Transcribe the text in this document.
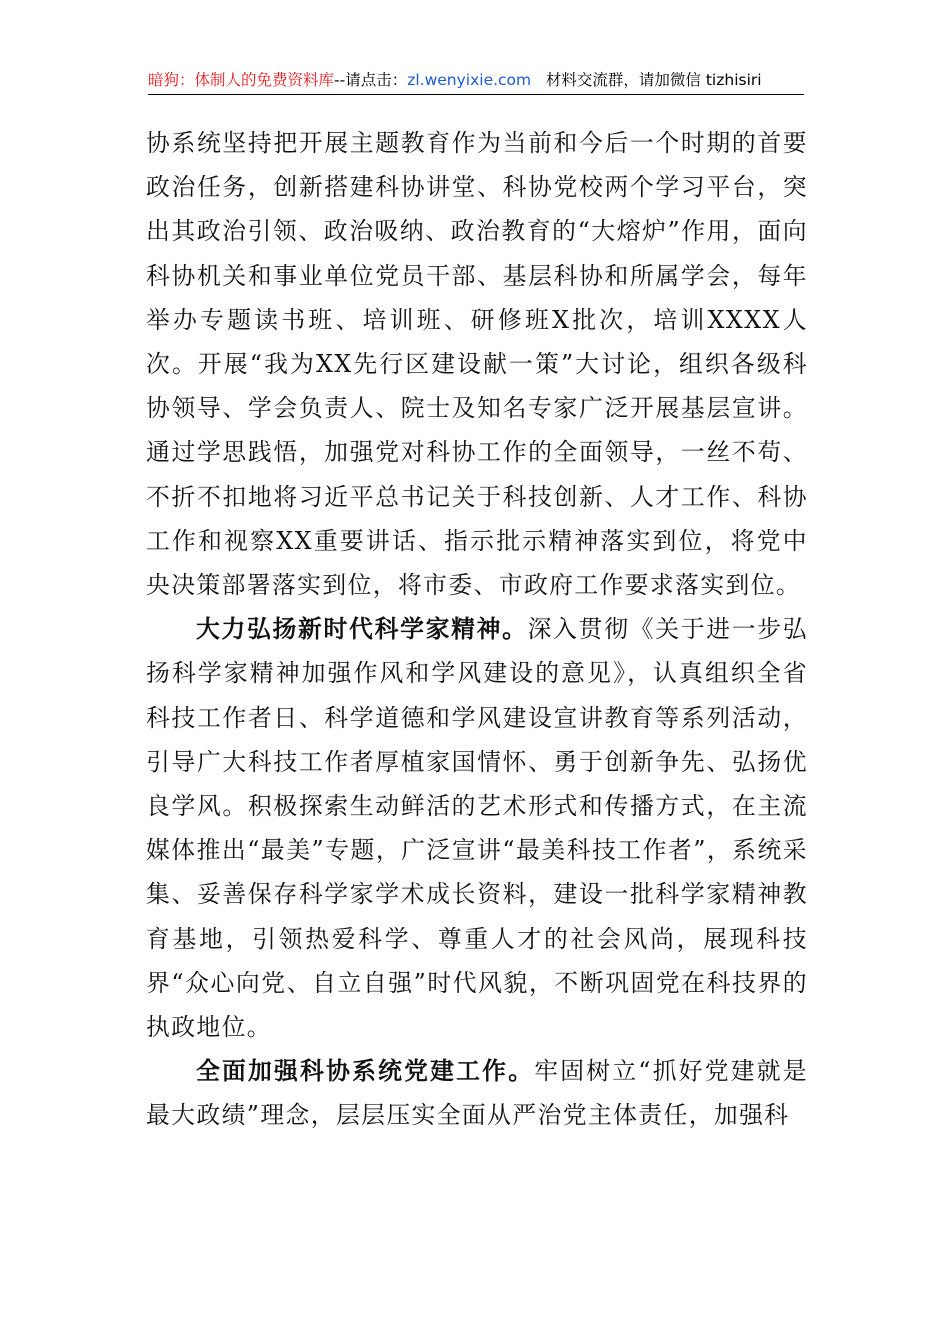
暗狗：体制人的免费资料库--请点击：zl.wenyixie.com 材料交流群，请加微信 tizhisiri

协系统坚持把开展主题教育作为当前和今后一个时期的首要政治任务，创新搭建科协讲堂、科协党校两个学习平台，突出其政治引领、政治吸纳、政治教育的“大熔炉”作用，面向科协机关和事业单位党员干部、基层科协和所属学会，每年举办专题读书班、培训班、研修班X批次，培训XXXX人次。开展“我为XX先行区建设献一策”大讨论，组织各级科协领导、学会负责人、院士及知名专家广泛开展基层宣讲。通过学思践悟，加强党对科协工作的全面领导，一丝不苟、不折不扣地将习近平总书记关于科技创新、人才工作、科协工作和视察XX重要讲话、指示批示精神落实到位，将党中央决策部署落实到位，将市委、市政府工作要求落实到位。

大力弘扬新时代科学家精神。深入贯彻《关于进一步弘扬科学家精神加强作风和学风建设的意见》，认真组织全省科技工作者日、科学道德和学风建设宣讲教育等系列活动，引导广大科技工作者厚植家国情怀、勇于创新争先、弘扬优良学风。积极探索生动鲜活的艺术形式和传播方式，在主流媒体推出“最美”专题，广泛宣讲“最美科技工作者”，系统采集、妥善保存科学家学术成长资料，建设一批科学家精神教育基地，引领热爱科学、尊重人才的社会风尚，展现科技界“众心向党、自立自强”时代风貌，不断巩固党在科技界的执政地位。

全面加强科协系统党建工作。牢固树立“抓好党建就是最大政绩”理念，层层压实全面从严治党主体责任，加强科
